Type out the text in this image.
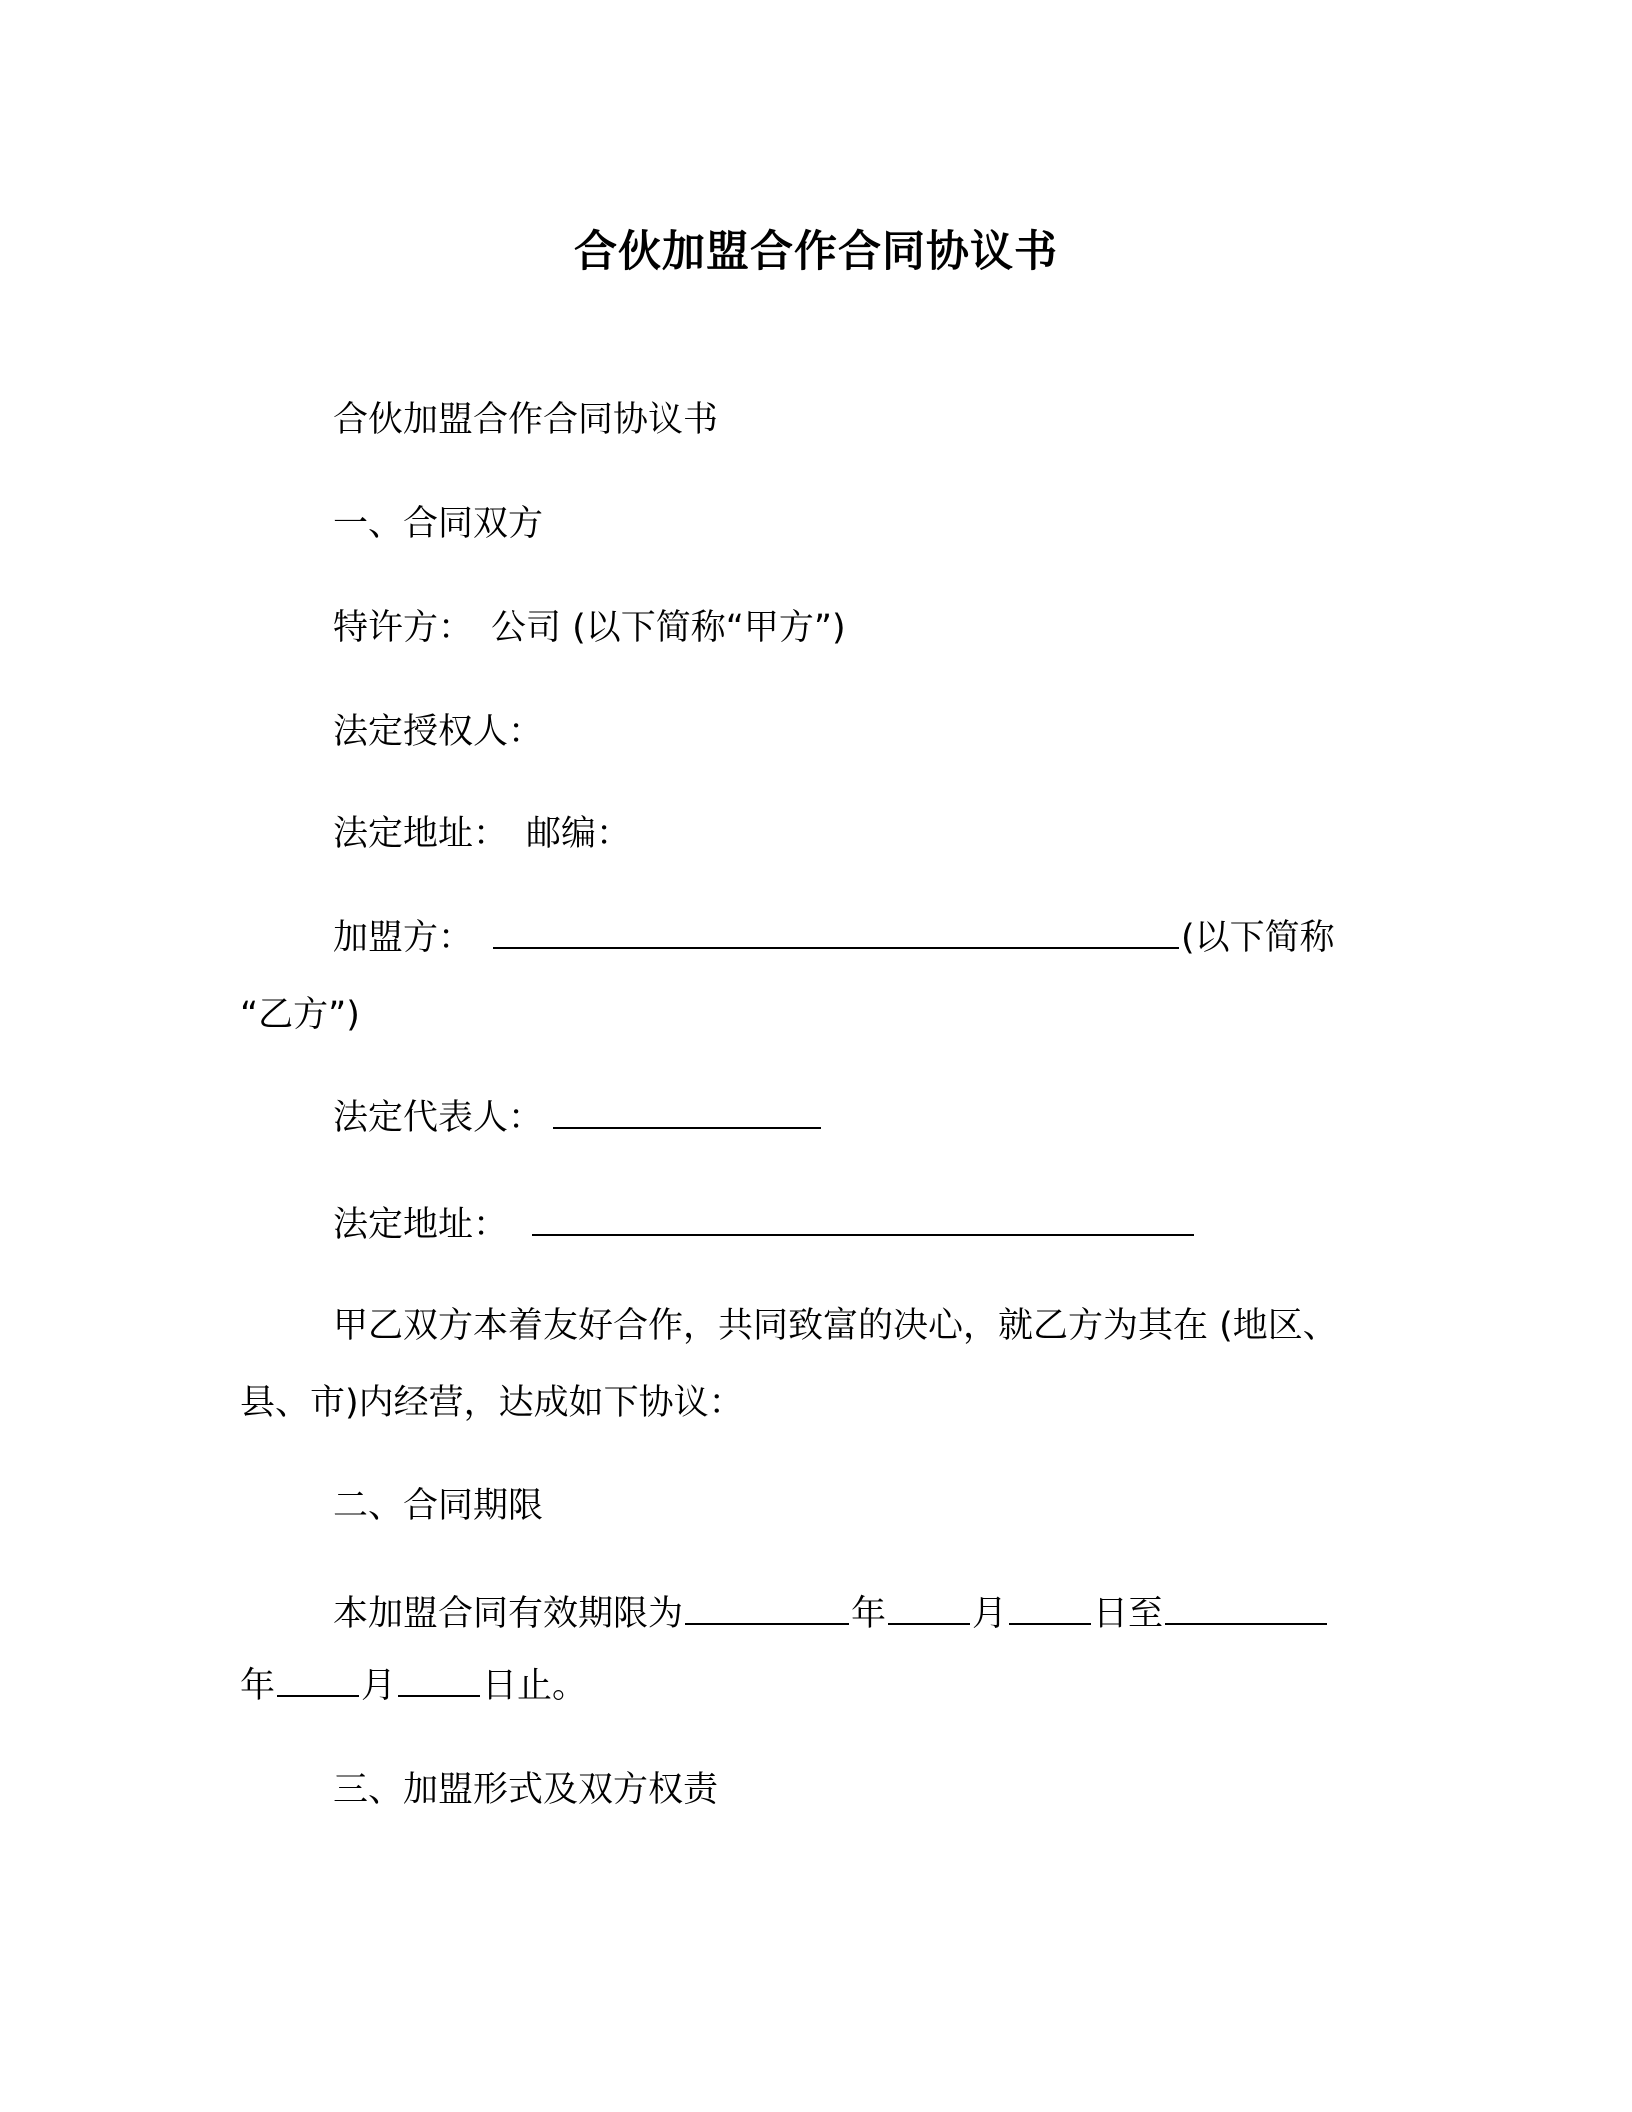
合伙加盟合作合同协议书
合伙加盟合作合同协议书
一、合同双方
特许方： 公司 (以下简称“甲方”)
法定授权人：
法定地址： 邮编：
加盟方：	(以下简称
“乙方”)
法定代表人：
法定地址：
甲乙双方本着友好合作，共同致富的决心，就乙方为其在 (地区、
县、市)内经营，达成如下协议：
二、合同期限
本加盟合同有效期限为	年 月 日至
年 月 日止。
三、加盟形式及双方权责
